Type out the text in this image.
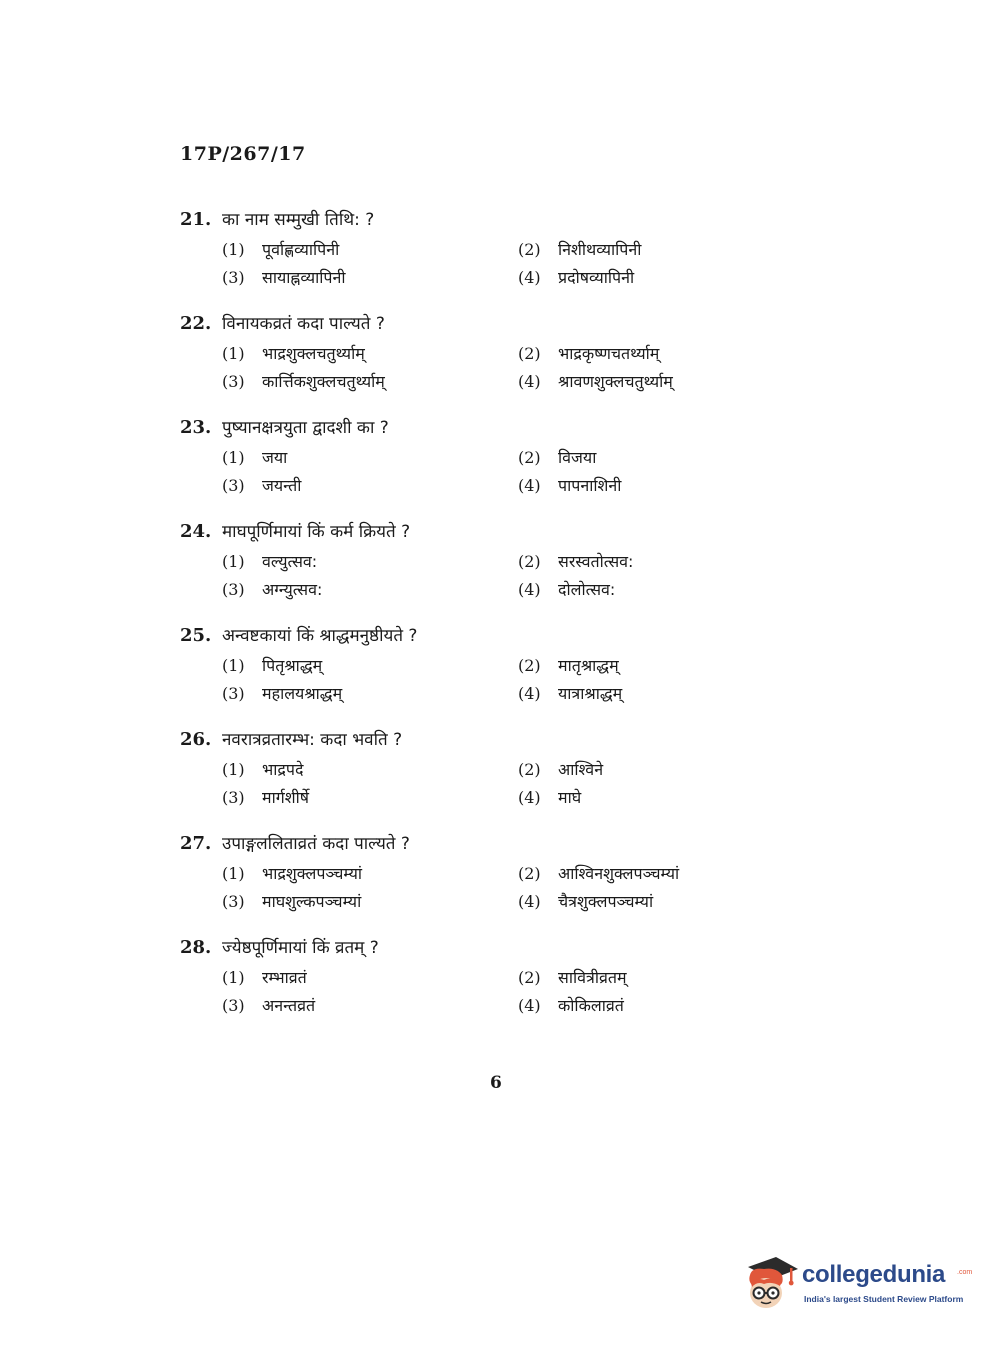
17P/267/17
21. का नाम सम्मुखी तिथि: ?
(1) पूर्वाह्णव्यापिनी	(2) निशीथव्यापिनी
(3) सायाह्नव्यापिनी	(4) प्रदोषव्यापिनी
22. विनायकव्रतं कदा पाल्यते ?
(1) भाद्रशुक्लचतुर्थ्याम्	(2) भाद्रकृष्णचतर्थ्याम्
(3) कार्त्तिकशुक्लचतुर्थ्याम्	(4) श्रावणशुक्लचतुर्थ्याम्
23. पुष्यानक्षत्रयुता द्वादशी का ?
(1) जया	(2) विजया
(3) जयन्ती	(4) पापनाशिनी
24. माघपूर्णिमायां किं कर्म क्रियते ?
(1) वल्युत्सव:	(2) सरस्वतोत्सव:
(3) अग्न्युत्सव:	(4) दोलोत्सव:
25. अन्वष्टकायां किं श्राद्धमनुष्ठीयते ?
(1) पितृश्राद्धम्	(2) मातृश्राद्धम्
(3) महालयश्राद्धम्	(4) यात्राश्राद्धम्
26. नवरात्रव्रतारम्भ: कदा भवति ?
(1) भाद्रपदे	(2) आश्विने
(3) मार्गशीर्षे	(4) माघे
27. उपाङ्गललिताव्रतं कदा पाल्यते ?
(1) भाद्रशुक्लपञ्चम्यां	(2) आश्विनशुक्लपञ्चम्यां
(3) माघशुल्कपञ्चम्यां	(4) चैत्रशुक्लपञ्चम्यां
28. ज्येष्ठपूर्णिमायां किं व्रतम् ?
(1) रम्भाव्रतं	(2) सावित्रीव्रतम्
(3) अनन्तव्रतं	(4) कोकिलाव्रतं
6
collegedunia .com
India's largest Student Review Platform
